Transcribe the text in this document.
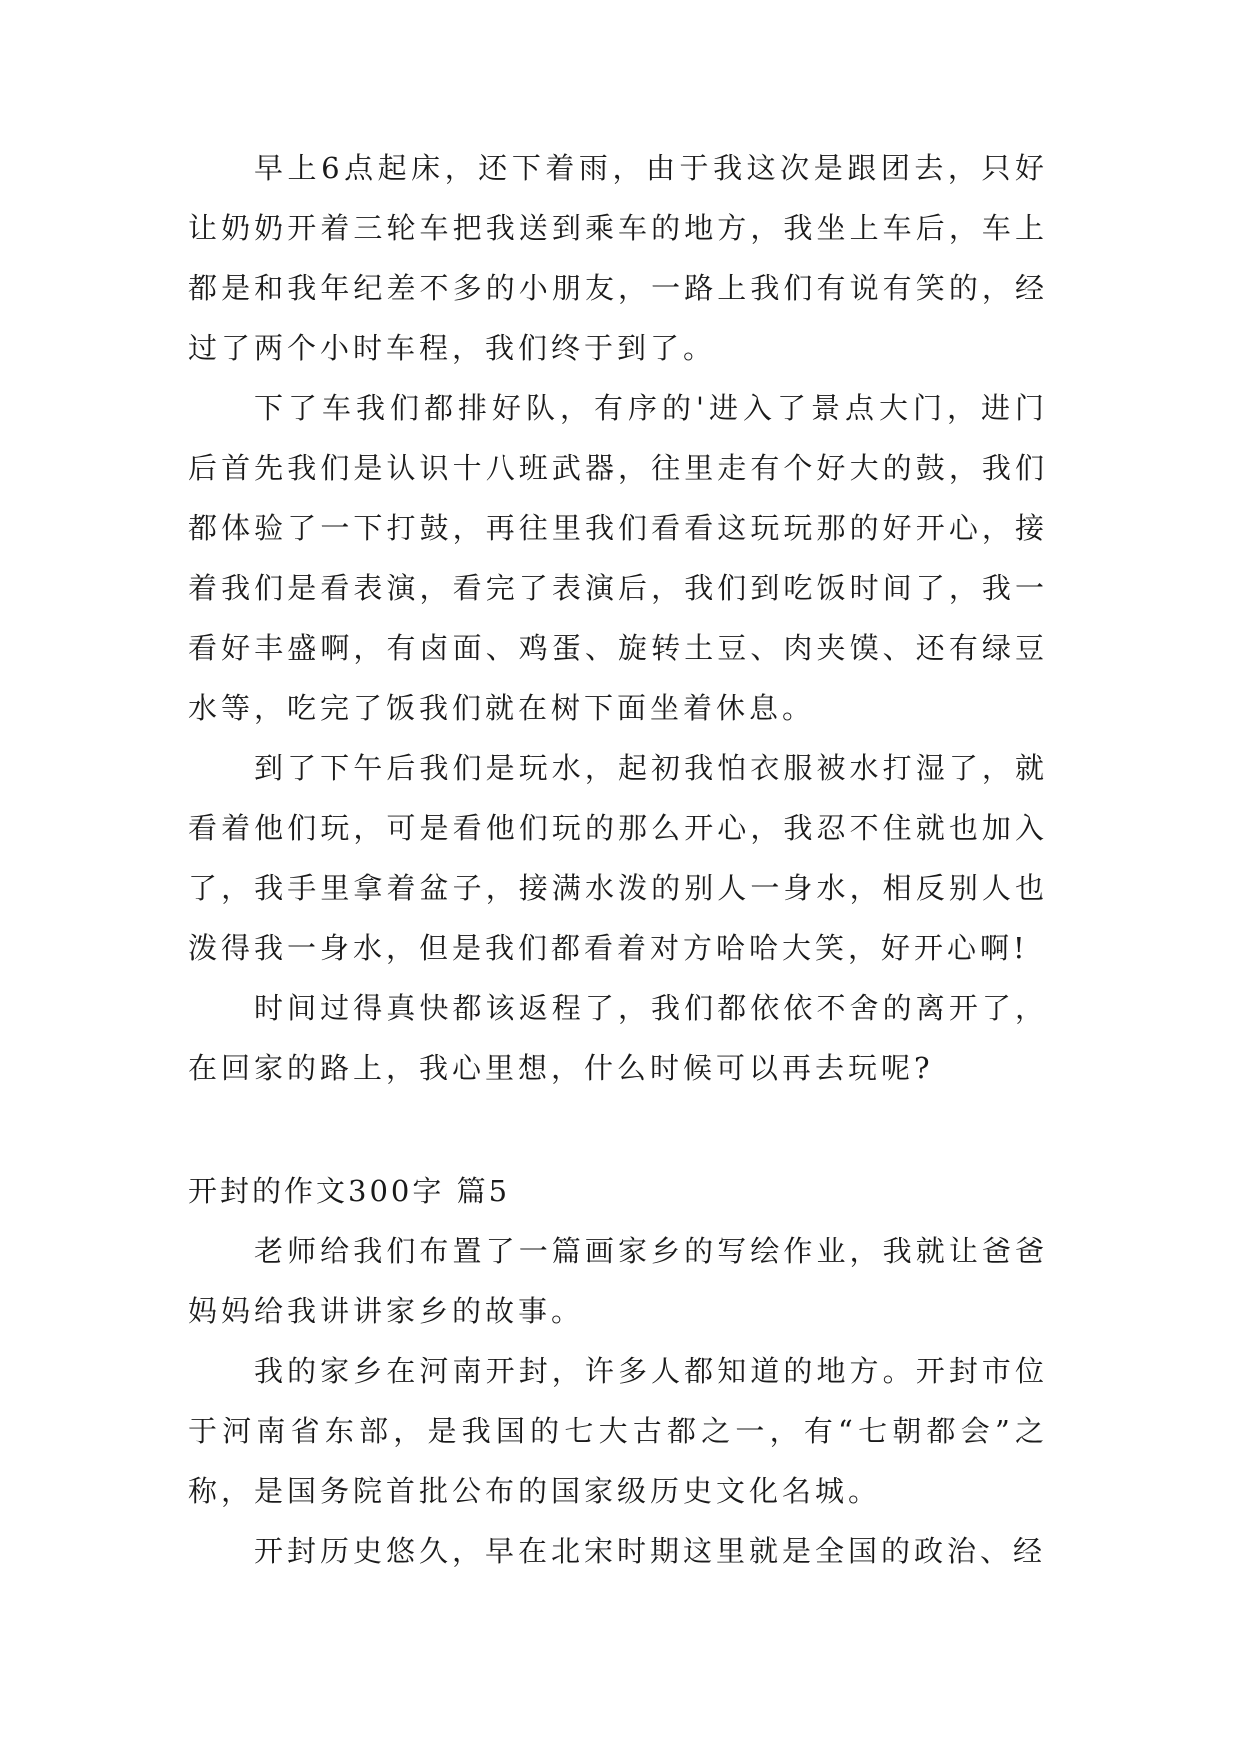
早上6点起床，还下着雨，由于我这次是跟团去，只好让奶奶开着三轮车把我送到乘车的地方，我坐上车后，车上都是和我年纪差不多的小朋友，一路上我们有说有笑的，经过了两个小时车程，我们终于到了。

下了车我们都排好队，有序的'进入了景点大门，进门后首先我们是认识十八班武器，往里走有个好大的鼓，我们都体验了一下打鼓，再往里我们看看这玩玩那的好开心，接着我们是看表演，看完了表演后，我们到吃饭时间了，我一看好丰盛啊，有卤面、鸡蛋、旋转土豆、肉夹馍、还有绿豆水等，吃完了饭我们就在树下面坐着休息。

到了下午后我们是玩水，起初我怕衣服被水打湿了，就看着他们玩，可是看他们玩的那么开心，我忍不住就也加入了，我手里拿着盆子，接满水泼的别人一身水，相反别人也泼得我一身水，但是我们都看着对方哈哈大笑，好开心啊!

时间过得真快都该返程了，我们都依依不舍的离开了，在回家的路上，我心里想，什么时候可以再去玩呢?

开封的作文300字 篇5

老师给我们布置了一篇画家乡的写绘作业，我就让爸爸妈妈给我讲讲家乡的故事。

我的家乡在河南开封，许多人都知道的地方。开封市位于河南省东部，是我国的七大古都之一，有“七朝都会”之称，是国务院首批公布的国家级历史文化名城。

开封历史悠久，早在北宋时期这里就是全国的政治、经
